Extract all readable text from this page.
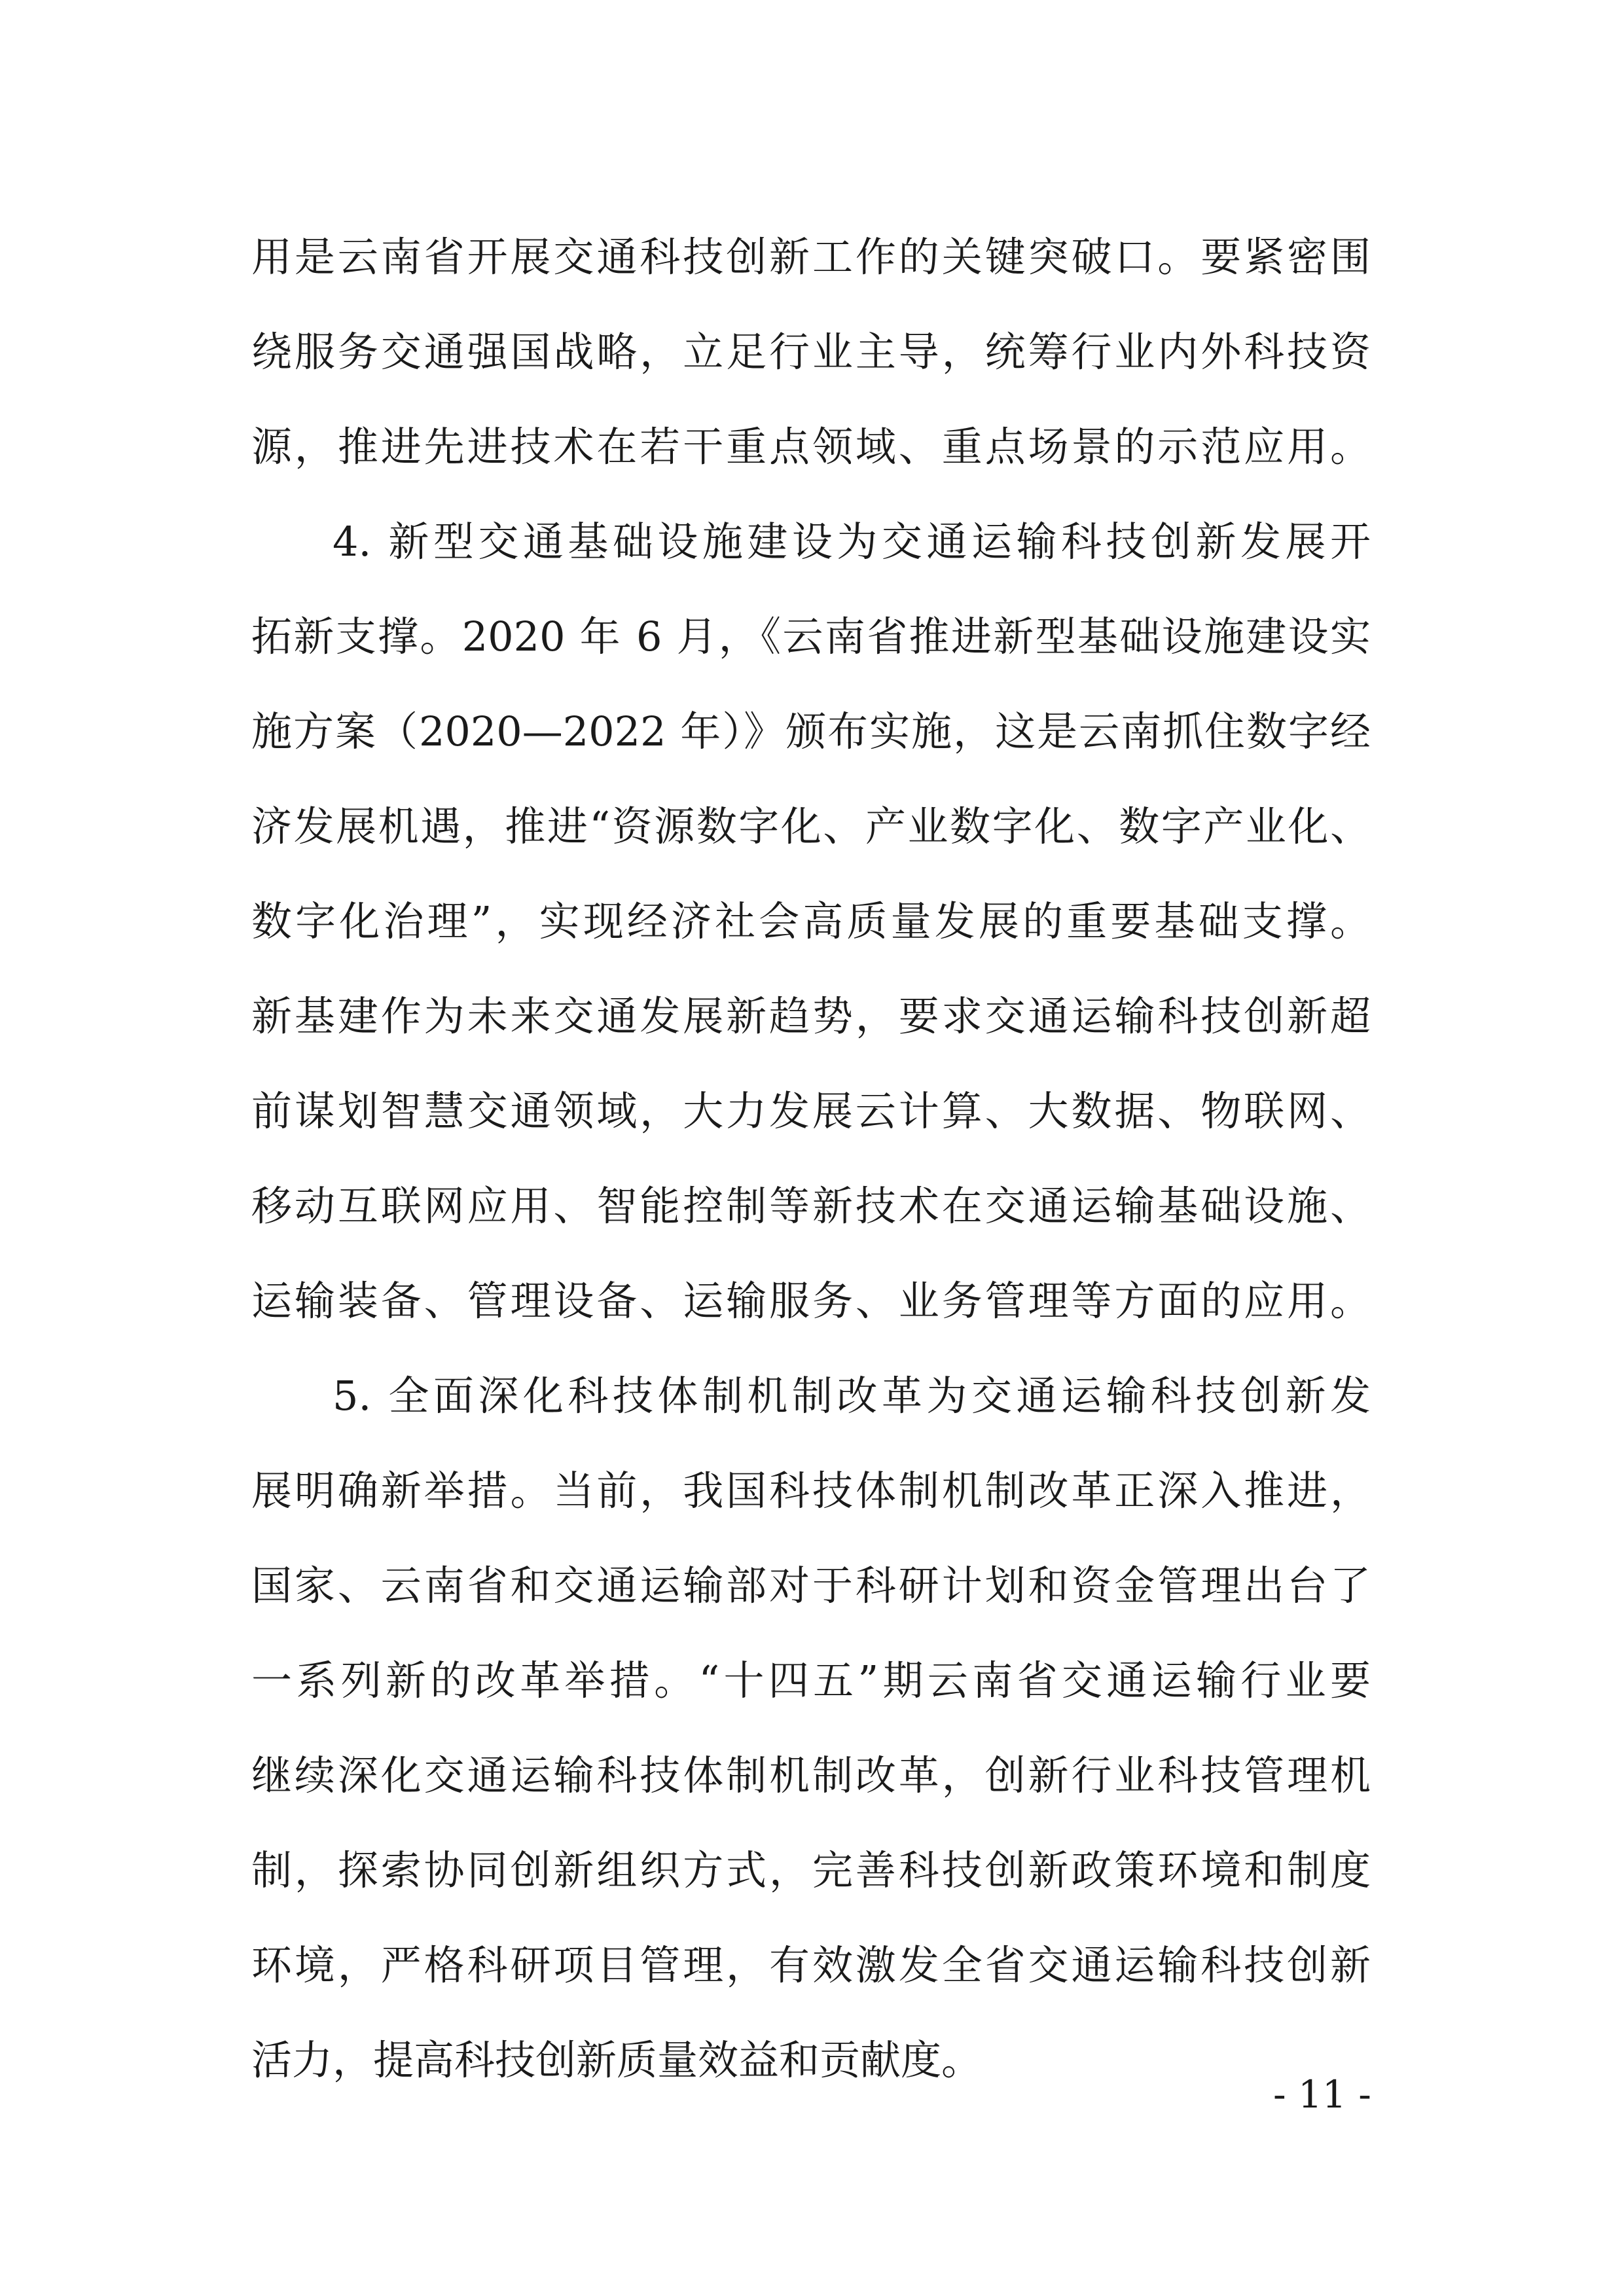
用是云南省开展交通科技创新工作的关键突破口。要紧密围
绕服务交通强国战略，立足行业主导，统筹行业内外科技资
源，推进先进技术在若干重点领域、重点场景的示范应用。
4. 新型交通基础设施建设为交通运输科技创新发展开
拓新支撑。2020 年 6 月，《云南省推进新型基础设施建设实
施方案（2020—2022 年）》颁布实施，这是云南抓住数字经
济发展机遇，推进“资源数字化、产业数字化、数字产业化、
数字化治理”，实现经济社会高质量发展的重要基础支撑。
新基建作为未来交通发展新趋势，要求交通运输科技创新超
前谋划智慧交通领域，大力发展云计算、大数据、物联网、
移动互联网应用、智能控制等新技术在交通运输基础设施、
运输装备、管理设备、运输服务、业务管理等方面的应用。
5. 全面深化科技体制机制改革为交通运输科技创新发
展明确新举措。当前，我国科技体制机制改革正深入推进，
国家、云南省和交通运输部对于科研计划和资金管理出台了
一系列新的改革举措。“十四五”期云南省交通运输行业要
继续深化交通运输科技体制机制改革，创新行业科技管理机
制，探索协同创新组织方式，完善科技创新政策环境和制度
环境，严格科研项目管理，有效激发全省交通运输科技创新
活力，提高科技创新质量效益和贡献度。
- 11 -
